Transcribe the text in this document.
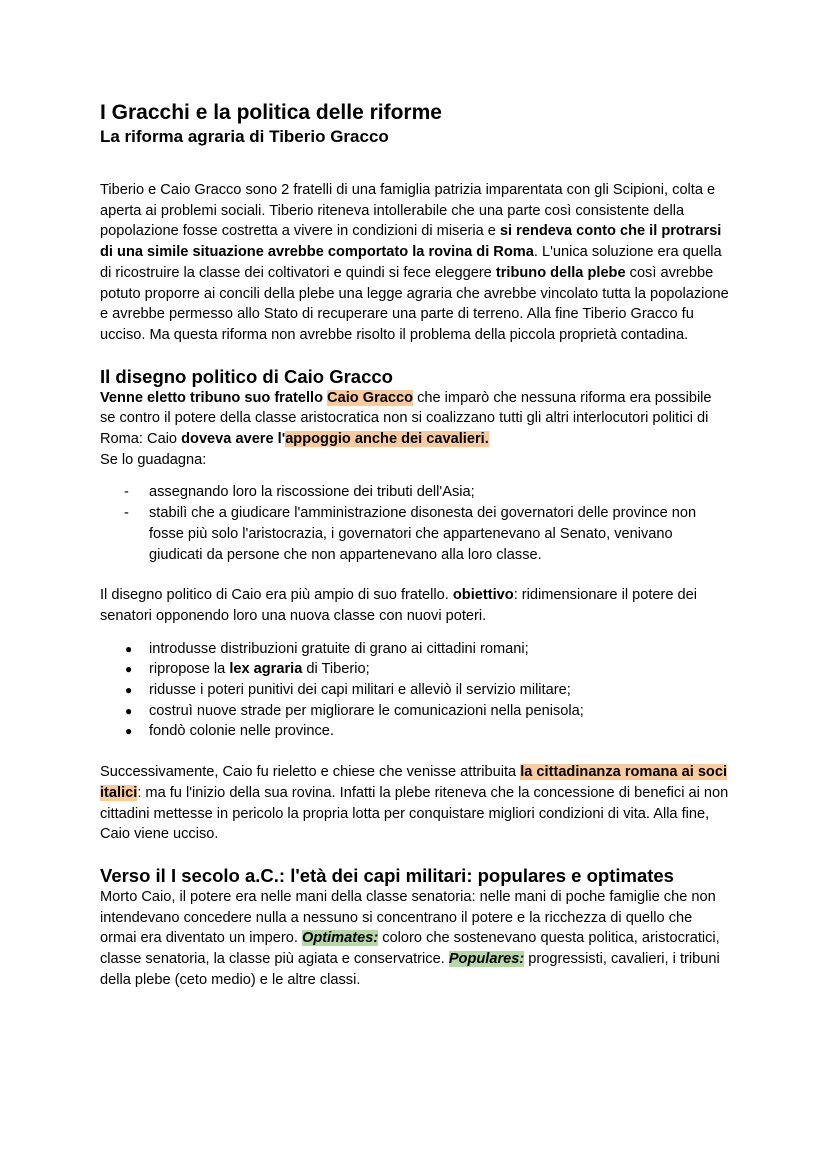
I Gracchi e la politica delle riforme
La riforma agraria di Tiberio Gracco

Tiberio e Caio Gracco sono 2 fratelli di una famiglia patrizia imparentata con gli Scipioni, colta e aperta ai problemi sociali. Tiberio riteneva intollerabile che una parte così consistente della popolazione fosse costretta a vivere in condizioni di miseria e si rendeva conto che il protrarsi di una simile situazione avrebbe comportato la rovina di Roma. L'unica soluzione era quella di ricostruire la classe dei coltivatori e quindi si fece eleggere tribuno della plebe così avrebbe potuto proporre ai concili della plebe una legge agraria che avrebbe vincolato tutta la popolazione e avrebbe permesso allo Stato di recuperare una parte di terreno. Alla fine Tiberio Gracco fu ucciso. Ma questa riforma non avrebbe risolto il problema della piccola proprietà contadina.

Il disegno politico di Caio Gracco

Venne eletto tribuno suo fratello Caio Gracco che imparò che nessuna riforma era possibile se contro il potere della classe aristocratica non si coalizzano tutti gli altri interlocutori politici di Roma: Caio doveva avere l'appoggio anche dei cavalieri.
Se lo guadagna:

- assegnando loro la riscossione dei tributi dell'Asia;
- stabilì che a giudicare l'amministrazione disonesta dei governatori delle province non fosse più solo l'aristocrazia, i governatori che appartenevano al Senato, venivano giudicati da persone che non appartenevano alla loro classe.

Il disegno politico di Caio era più ampio di suo fratello. obiettivo: ridimensionare il potere dei senatori opponendo loro una nuova classe con nuovi poteri.

● introdusse distribuzioni gratuite di grano ai cittadini romani;
● ripropose la lex agraria di Tiberio;
● ridusse i poteri punitivi dei capi militari e alleviò il servizio militare;
● costruì nuove strade per migliorare le comunicazioni nella penisola;
● fondò colonie nelle province.

Successivamente, Caio fu rieletto e chiese che venisse attribuita la cittadinanza romana ai soci italici: ma fu l'inizio della sua rovina. Infatti la plebe riteneva che la concessione di benefici ai non cittadini mettesse in pericolo la propria lotta per conquistare migliori condizioni di vita. Alla fine, Caio viene ucciso.

Verso il I secolo a.C.: l'età dei capi militari: populares e optimates

Morto Caio, il potere era nelle mani della classe senatoria: nelle mani di poche famiglie che non intendevano concedere nulla a nessuno si concentrano il potere e la ricchezza di quello che ormai era diventato un impero. Optimates: coloro che sostenevano questa politica, aristocratici, classe senatoria, la classe più agiata e conservatrice. Populares: progressisti, cavalieri, i tribuni della plebe (ceto medio) e le altre classi.
